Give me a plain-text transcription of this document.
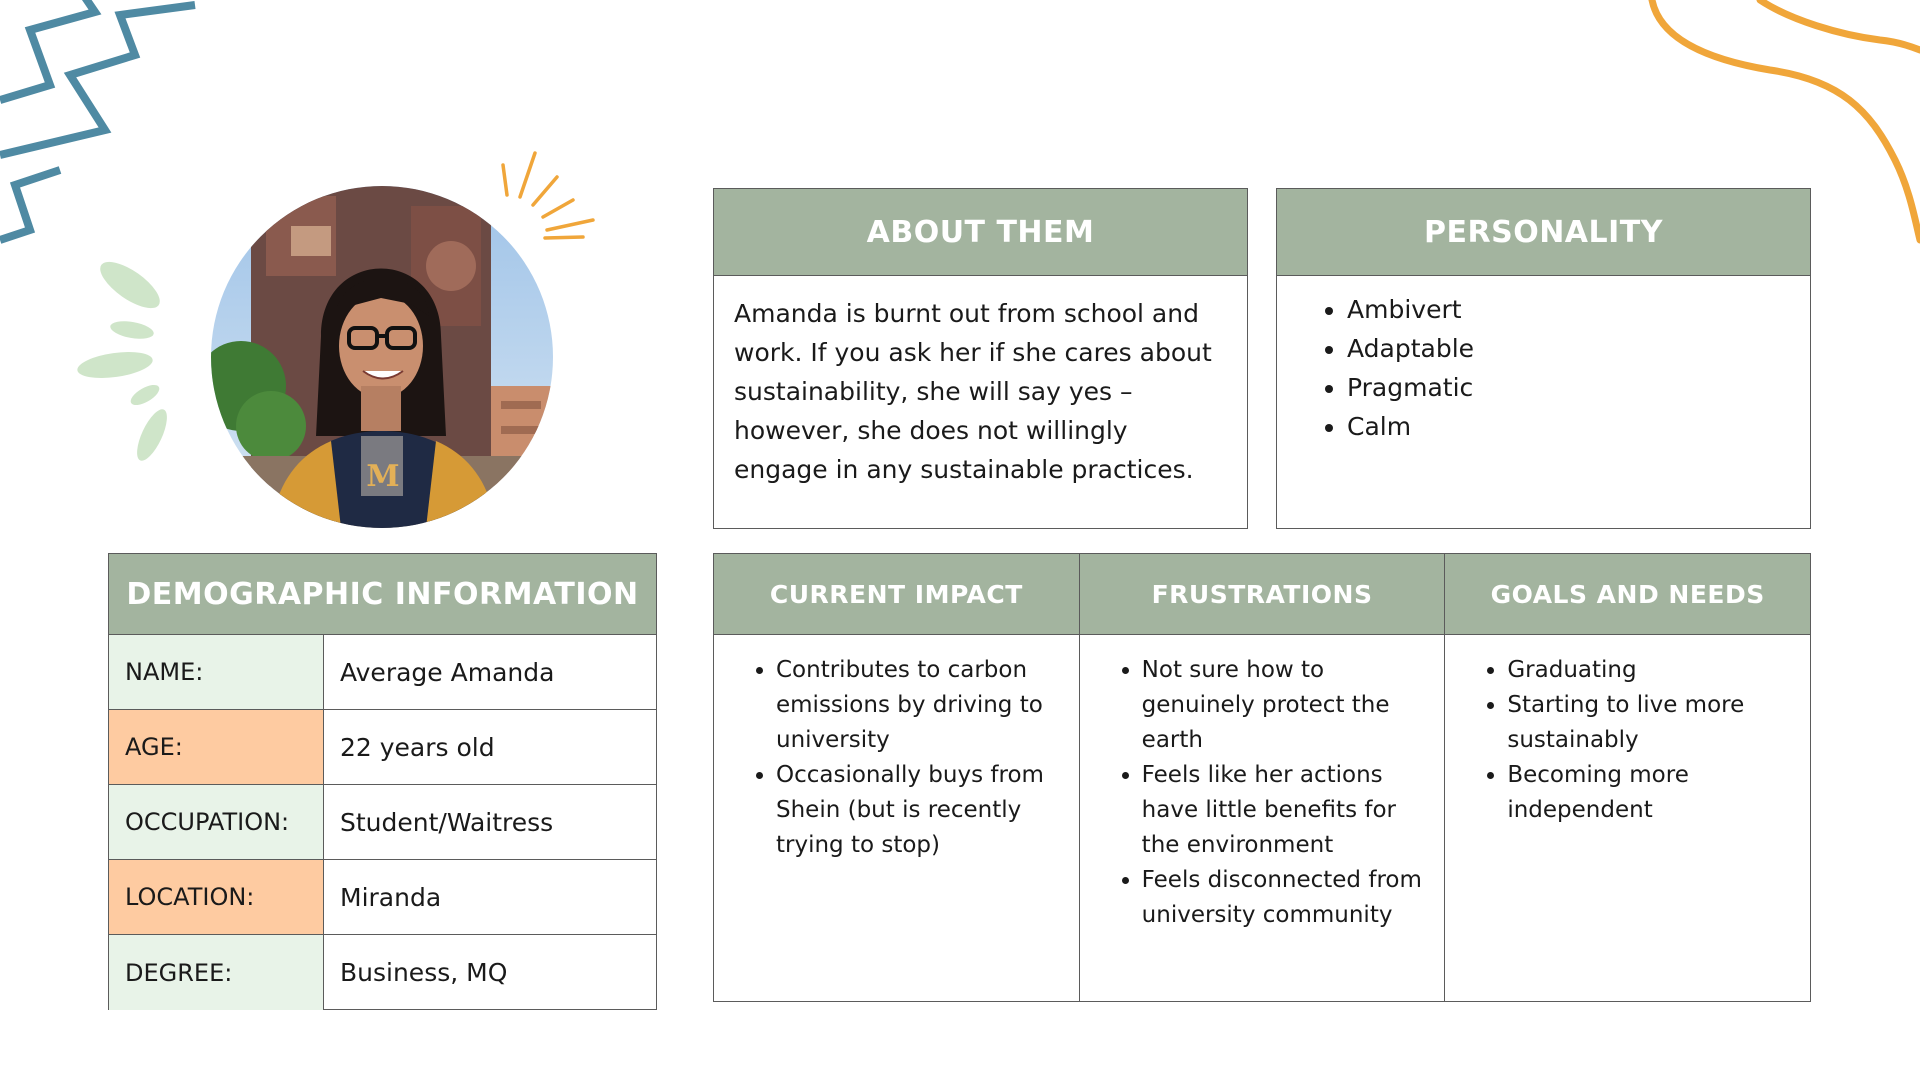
M
ABOUT THEM
Amanda is burnt out from school and work. If you ask her if she cares about sustainability, she will say yes – however, she does not willingly engage in any sustainable practices.
PERSONALITY
• Ambivert
• Adaptable
• Pragmatic
• Calm
DEMOGRAPHIC INFORMATION
NAME:	Average Amanda
AGE:	22 years old
OCCUPATION:	Student/Waitress
LOCATION:	Miranda
DEGREE:	Business, MQ
CURRENT IMPACT
• Contributes to carbon emissions by driving to university
• Occasionally buys from Shein (but is recently trying to stop)
FRUSTRATIONS
• Not sure how to genuinely protect the earth
• Feels like her actions have little benefits for the environment
• Feels disconnected from university community
GOALS AND NEEDS
• Graduating
• Starting to live more sustainably
• Becoming more independent
